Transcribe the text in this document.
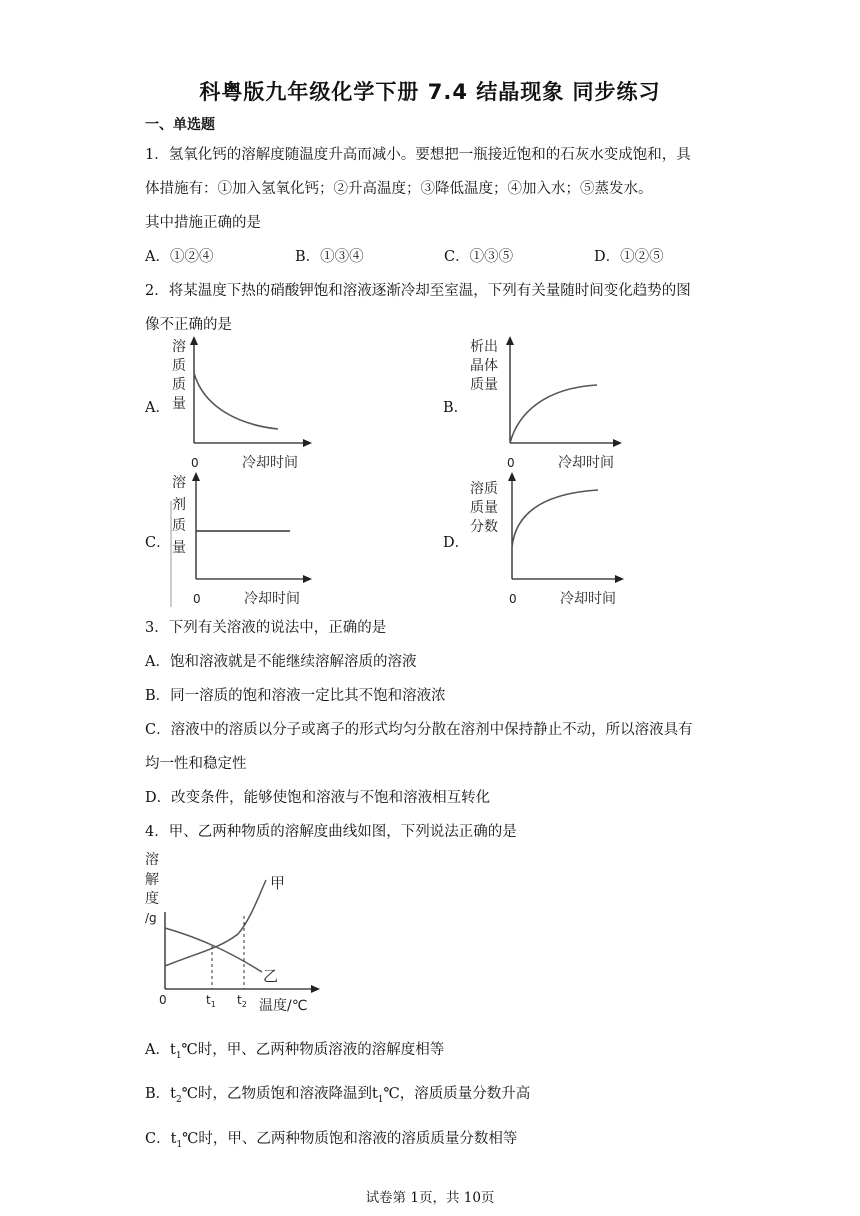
科粤版九年级化学下册 7.4 结晶现象 同步练习
一、单选题
1．氢氧化钙的溶解度随温度升高而减小。要想把一瓶接近饱和的石灰水变成饱和，具
体措施有：①加入氢氧化钙；②升高温度；③降低温度；④加入水；⑤蒸发水。
其中措施正确的是
A．①②④	B．①③④	C．①③⑤	D．①②⑤
2．将某温度下热的硝酸钾饱和溶液逐渐冷却至室温，下列有关量随时间变化趋势的图
像不正确的是
A．
溶
质
质
量
0	冷却时间
B．
析出
晶体
质量
0	冷却时间
C．
溶
剂
质
量
0	冷却时间
D．
溶质
质量
分数
0	冷却时间
3．下列有关溶液的说法中，正确的是
A．饱和溶液就是不能继续溶解溶质的溶液
B．同一溶质的饱和溶液一定比其不饱和溶液浓
C．溶液中的溶质以分子或离子的形式均匀分散在溶剂中保持静止不动，所以溶液具有
均一性和稳定性
D．改变条件，能够使饱和溶液与不饱和溶液相互转化
4．甲、乙两种物质的溶解度曲线如图，下列说法正确的是
溶
解
度
/g
0	$t_1$ $t_2$ 温度/℃
甲
乙
A．$t_1℃$时，甲、乙两种物质溶液的溶解度相等
B．$t_2℃$时，乙物质饱和溶液降温到$t_1℃$，溶质质量分数升高
C．$t_1℃$时，甲、乙两种物质饱和溶液的溶质质量分数相等
试卷第 1页，共 10页
